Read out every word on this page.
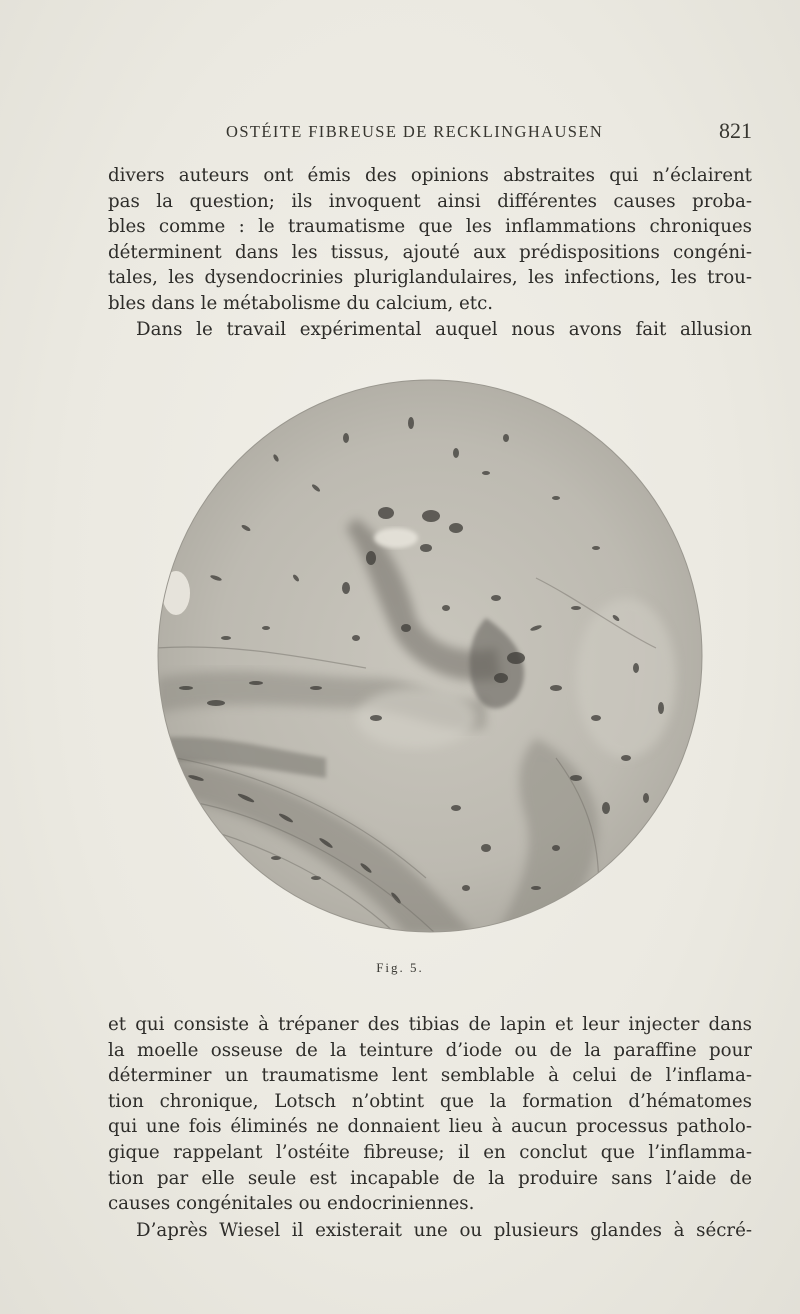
OSTÉITE FIBREUSE DE RECKLINGHAUSEN	821
divers auteurs ont émis des opinions abstraites qui n’éclairent
pas la question; ils invoquent ainsi différentes causes proba-
bles comme : le traumatisme que les inflammations chroniques
déterminent dans les tissus, ajouté aux prédispositions congéni-
tales, les dysendocrinies pluriglandulaires, les infections, les trou-
bles dans le métabolisme du calcium, etc.
Dans le travail expérimental auquel nous avons fait allusion
Fig. 5.
et qui consiste à trépaner des tibias de lapin et leur injecter dans
la moelle osseuse de la teinture d’iode ou de la paraffine pour
déterminer un traumatisme lent semblable à celui de l’inflama-
tion chronique, Lotsch n’obtint que la formation d’hématomes
qui une fois éliminés ne donnaient lieu à aucun processus patholo-
gique rappelant l’ostéite fibreuse; il en conclut que l’inflamma-
tion par elle seule est incapable de la produire sans l’aide de
causes congénitales ou endocriniennes.
D’après Wiesel il existerait une ou plusieurs glandes à sécré-
